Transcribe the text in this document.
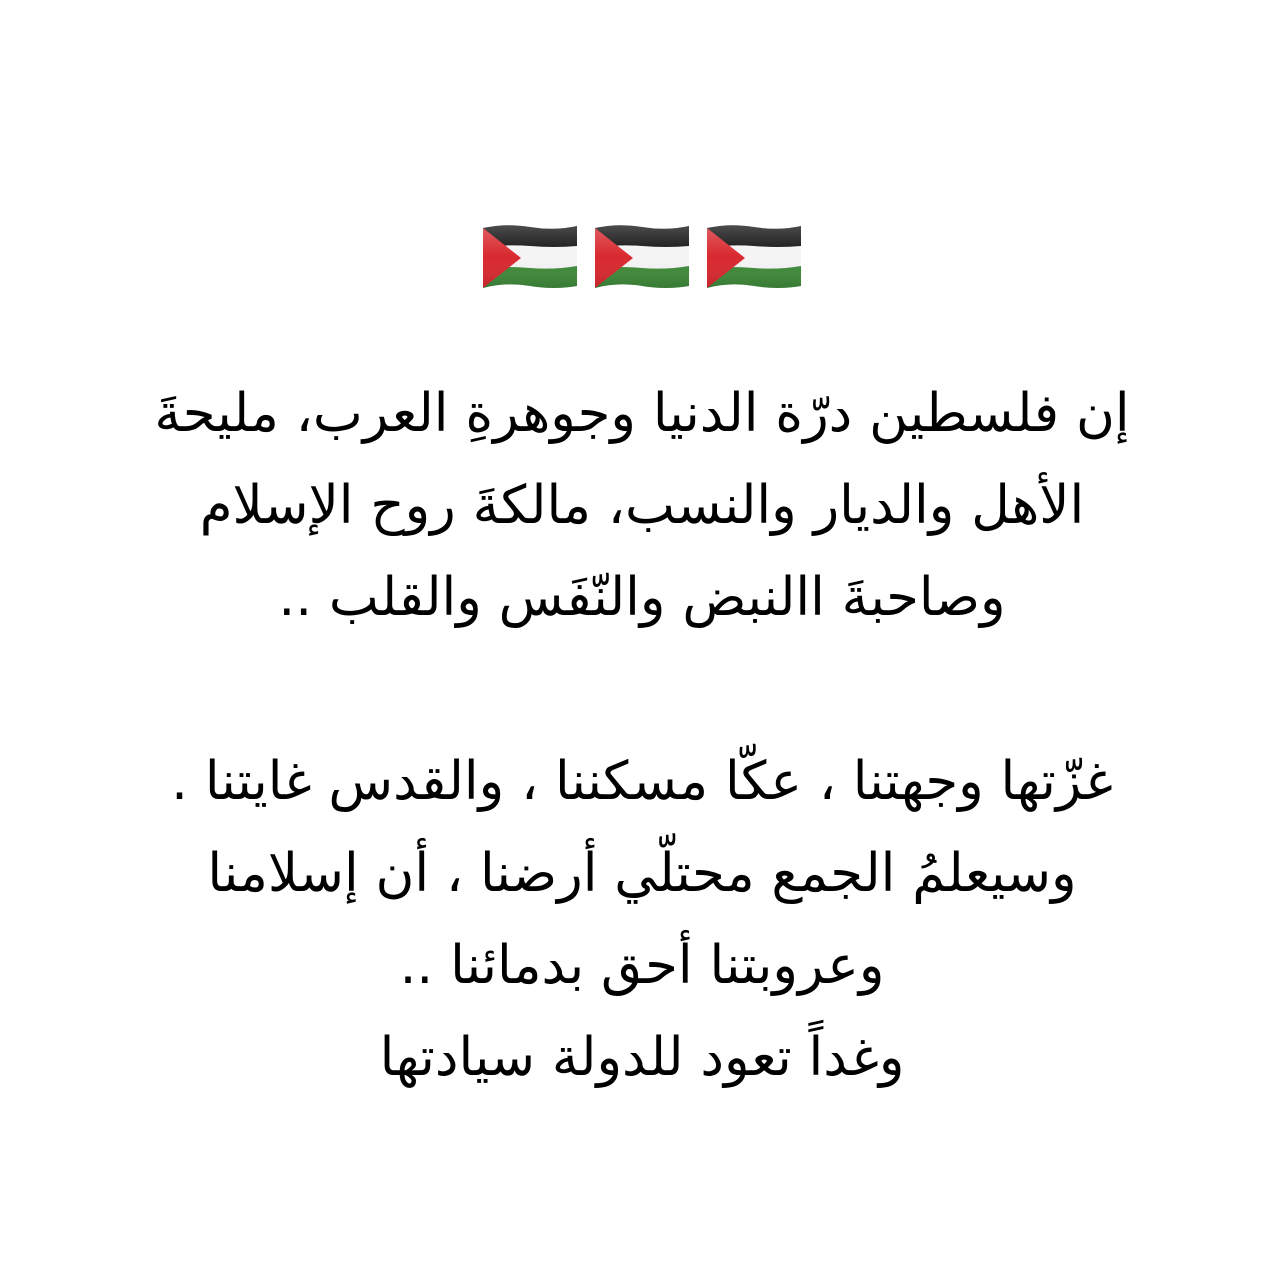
إن فلسطين درّة الدنيا وجوهرةِ العرب، مليحةَ
الأهل والديار والنسب، مالكةَ روح الإسلام
وصاحبةَ االنبض والنّفَس والقلب ..
غزّتها وجهتنا ، عكّا مسكننا ، والقدس غايتنا .
وسيعلمُ الجمع محتلّي أرضنا ، أن إسلامنا
وعروبتنا أحق بدمائنا ..
وغداً تعود للدولة سيادتها
